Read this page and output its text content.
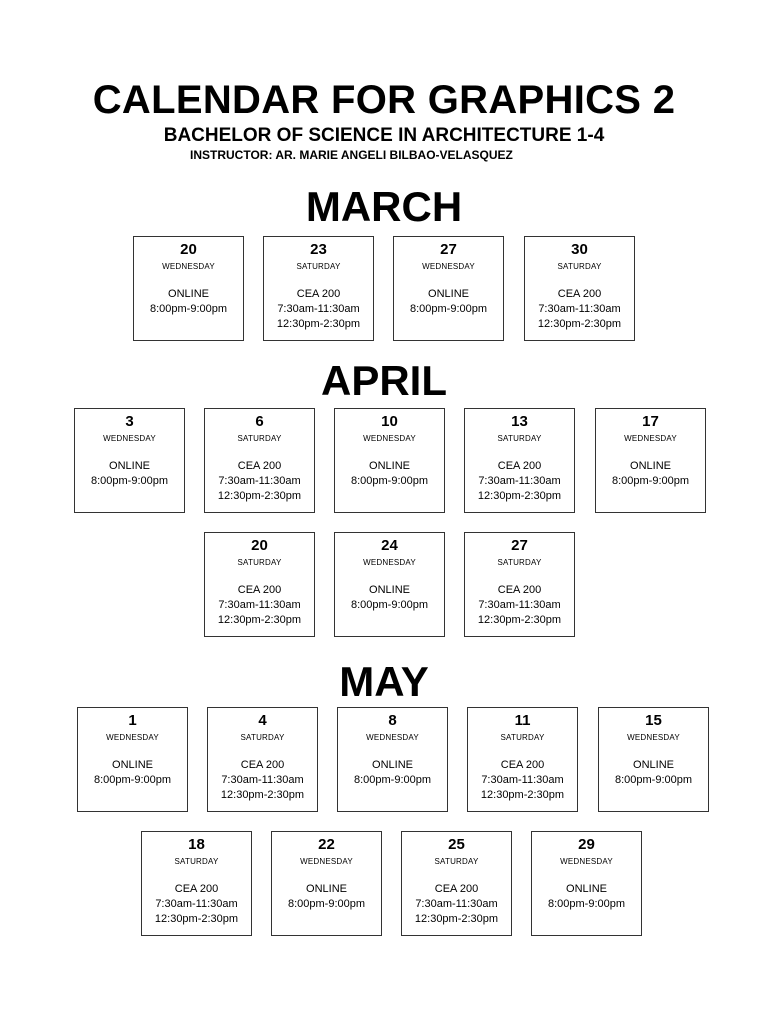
CALENDAR FOR GRAPHICS 2
BACHELOR OF SCIENCE IN ARCHITECTURE 1-4
INSTRUCTOR: AR. MARIE ANGELI BILBAO-VELASQUEZ
MARCH
APRIL
MAY
20
WEDNESDAY
ONLINE
8:00pm-9:00pm
23
SATURDAY
CEA 200
7:30am-11:30am
12:30pm-2:30pm
27
WEDNESDAY
ONLINE
8:00pm-9:00pm
30
SATURDAY
CEA 200
7:30am-11:30am
12:30pm-2:30pm
3
WEDNESDAY
ONLINE
8:00pm-9:00pm
6
SATURDAY
CEA 200
7:30am-11:30am
12:30pm-2:30pm
10
WEDNESDAY
ONLINE
8:00pm-9:00pm
13
SATURDAY
CEA 200
7:30am-11:30am
12:30pm-2:30pm
17
WEDNESDAY
ONLINE
8:00pm-9:00pm
20
SATURDAY
CEA 200
7:30am-11:30am
12:30pm-2:30pm
24
WEDNESDAY
ONLINE
8:00pm-9:00pm
27
SATURDAY
CEA 200
7:30am-11:30am
12:30pm-2:30pm
1
WEDNESDAY
ONLINE
8:00pm-9:00pm
4
SATURDAY
CEA 200
7:30am-11:30am
12:30pm-2:30pm
8
WEDNESDAY
ONLINE
8:00pm-9:00pm
11
SATURDAY
CEA 200
7:30am-11:30am
12:30pm-2:30pm
15
WEDNESDAY
ONLINE
8:00pm-9:00pm
18
SATURDAY
CEA 200
7:30am-11:30am
12:30pm-2:30pm
22
WEDNESDAY
ONLINE
8:00pm-9:00pm
25
SATURDAY
CEA 200
7:30am-11:30am
12:30pm-2:30pm
29
WEDNESDAY
ONLINE
8:00pm-9:00pm
